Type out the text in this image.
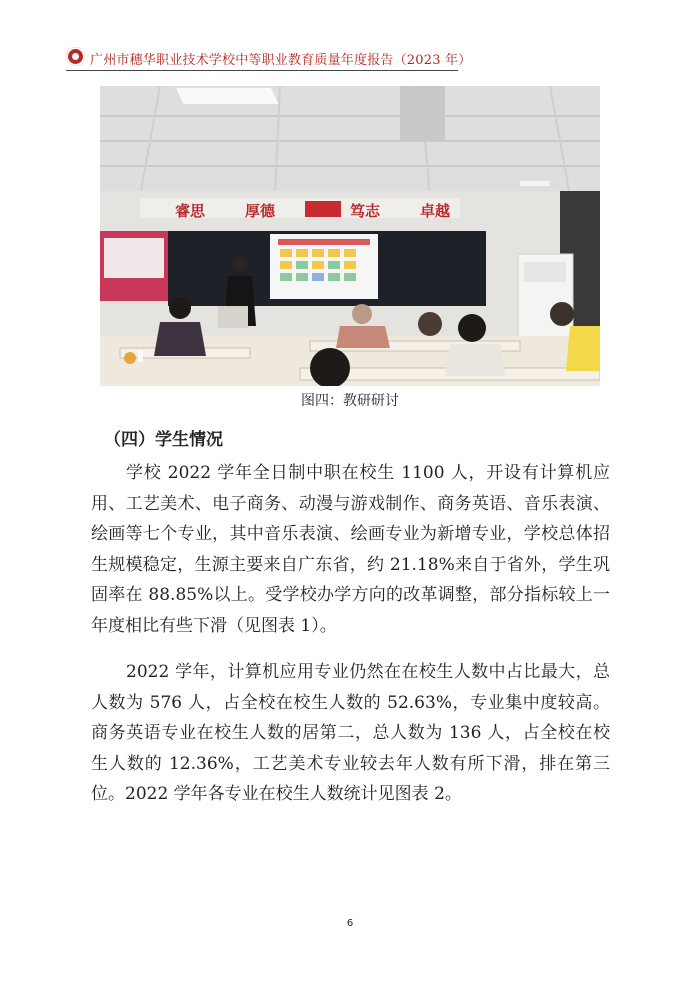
广州市穗华职业技术学校中等职业教育质量年度报告（2023 年）
睿思	厚德	笃志	卓越
图四：教研研讨
（四）学生情况

学校 2022 学年全日制中职在校生 1100 人，开设有计算机应用、工艺美术、电子商务、动漫与游戏制作、商务英语、音乐表演、绘画等七个专业，其中音乐表演、绘画专业为新增专业，学校总体招生规模稳定，生源主要来自广东省，约 21.18%来自于省外，学生巩固率在 88.85%以上。受学校办学方向的改革调整，部分指标较上一年度相比有些下滑（见图表 1）。

2022 学年，计算机应用专业仍然在在校生人数中占比最大，总人数为 576 人，占全校在校生人数的 52.63%，专业集中度较高。商务英语专业在校生人数的居第二，总人数为 136 人，占全校在校生人数的 12.36%，工艺美术专业较去年人数有所下滑，排在第三位。2022 学年各专业在校生人数统计见图表 2。

6
